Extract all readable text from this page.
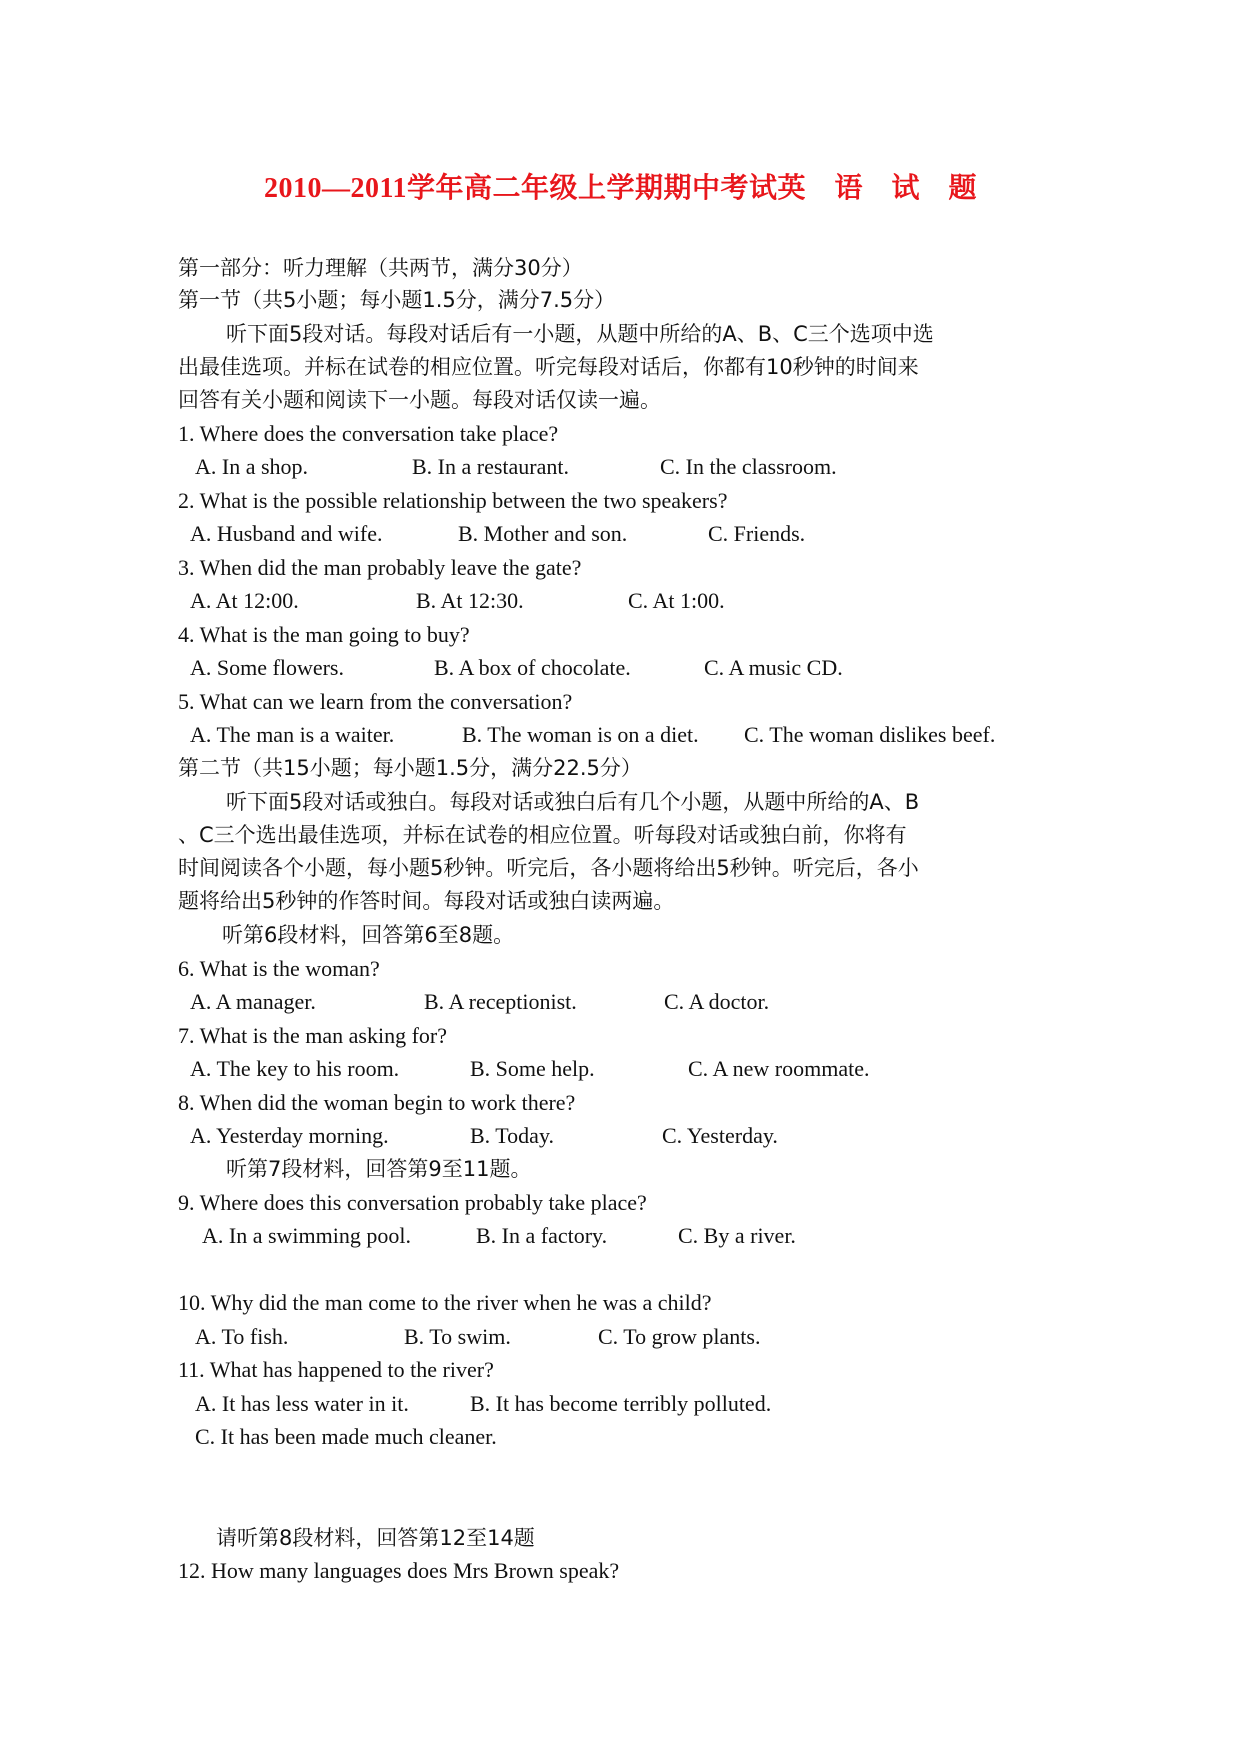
2010—2011学年高二年级上学期期中考试英　语　试　题
第一部分：听力理解（共两节，满分30分）
第一节（共5小题；每小题1.5分，满分7.5分）
听下面5段对话。每段对话后有一小题，从题中所给的A、B、C三个选项中选
出最佳选项。并标在试卷的相应位置。听完每段对话后，你都有10秒钟的时间来
回答有关小题和阅读下一小题。每段对话仅读一遍。
1. Where does the conversation take place?
A. In a shop.	B. In a restaurant.	C. In the classroom.
2. What is the possible relationship between the two speakers?
A. Husband and wife.	B. Mother and son.	C. Friends.
3. When did the man probably leave the gate?
A. At 12:00.	B. At 12:30.	C. At 1:00.
4. What is the man going to buy?
A. Some flowers.	B. A box of chocolate.	C. A music CD.
5. What can we learn from the conversation?
A. The man is a waiter.	B. The woman is on a diet. C. The woman dislikes beef.
第二节（共15小题；每小题1.5分，满分22.5分）
听下面5段对话或独白。每段对话或独白后有几个小题，从题中所给的A、B
、C三个选出最佳选项，并标在试卷的相应位置。听每段对话或独白前，你将有
时间阅读各个小题，每小题5秒钟。听完后，各小题将给出5秒钟。听完后，各小
题将给出5秒钟的作答时间。每段对话或独白读两遍。
听第6段材料，回答第6至8题。
6. What is the woman?
A. A manager.	B. A receptionist.	C. A doctor.
7. What is the man asking for?
A. The key to his room.	B. Some help.	C. A new roommate.
8. When did the woman begin to work there?
A. Yesterday morning.	B. Today.	C. Yesterday.
听第7段材料，回答第9至11题。
9. Where does this conversation probably take place?
A. In a swimming pool.	B. In a factory.	C. By a river.
10. Why did the man come to the river when he was a child?
A. To fish.	B. To swim.	C. To grow plants.
11. What has happened to the river?
A. It has less water in it.	B. It has become terribly polluted.
C. It has been made much cleaner.
请听第8段材料，回答第12至14题
12. How many languages does Mrs Brown speak?
